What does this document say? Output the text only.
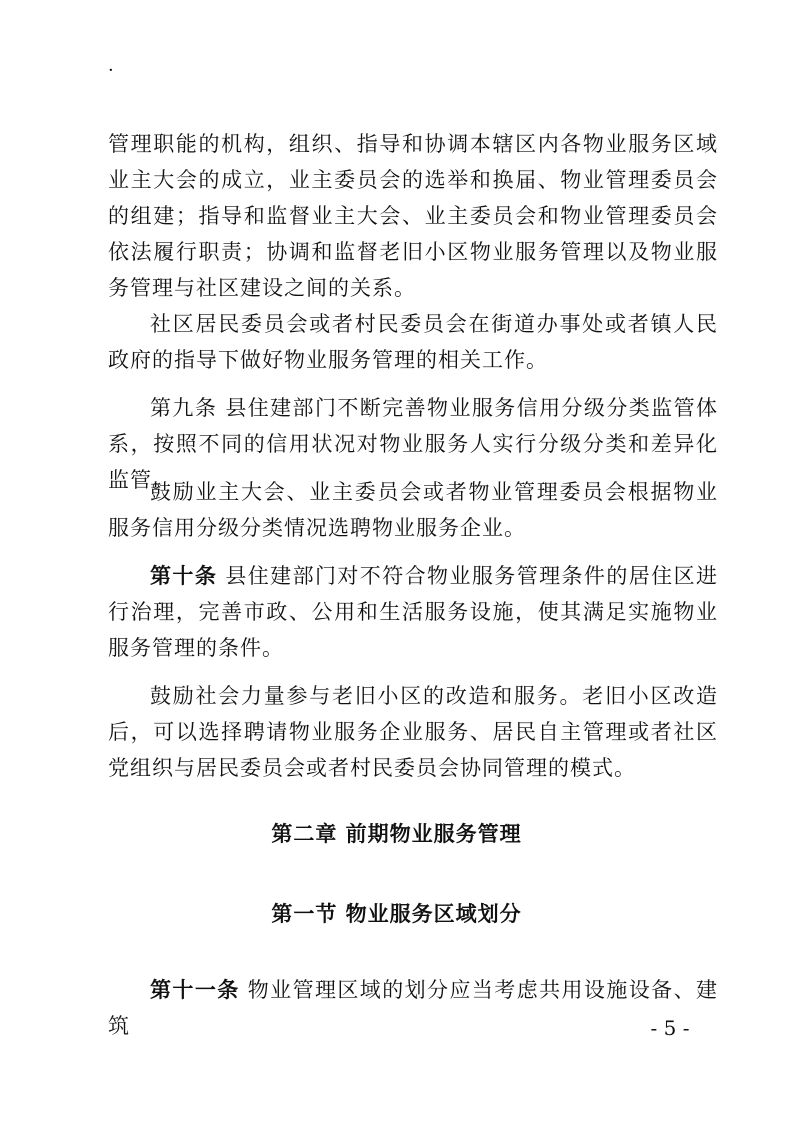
·

管理职能的机构，组织、指导和协调本辖区内各物业服务区域业主大会的成立，业主委员会的选举和换届、物业管理委员会的组建；指导和监督业主大会、业主委员会和物业管理委员会依法履行职责；协调和监督老旧小区物业服务管理以及物业服务管理与社区建设之间的关系。

社区居民委员会或者村民委员会在街道办事处或者镇人民政府的指导下做好物业服务管理的相关工作。

第九条 县住建部门不断完善物业服务信用分级分类监管体系，按照不同的信用状况对物业服务人实行分级分类和差异化监管。

鼓励业主大会、业主委员会或者物业管理委员会根据物业服务信用分级分类情况选聘物业服务企业。

第十条 县住建部门对不符合物业服务管理条件的居住区进行治理，完善市政、公用和生活服务设施，使其满足实施物业服务管理的条件。

鼓励社会力量参与老旧小区的改造和服务。老旧小区改造后，可以选择聘请物业服务企业服务、居民自主管理或者社区党组织与居民委员会或者村民委员会协同管理的模式。

第二章 前期物业服务管理
第一节 物业服务区域划分

第十一条 物业管理区域的划分应当考虑共用设施设备、建筑	- 5 -
